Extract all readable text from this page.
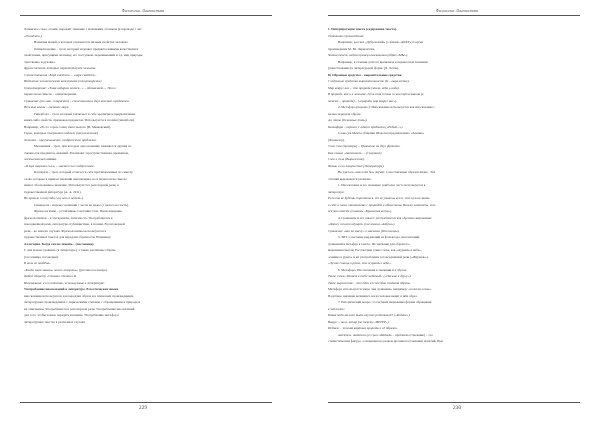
Филология. Лингвистика

Латинское слово огонёк, передаёт значение с маленьким оттенком (в переводе с лат.

«Огонёчки»).

Названия вещей, в которых отражаются личные свойства человека.

Олицетворение – троп, который наделяет предметы живыми качествами и

свойствами, присущими человеку, его поступкам, переживаниям и т.д. мир природы,

чувственно и духовно.

Другие явления, которые характеризуют человека.

Словосочетания «Заря смеётся» – «заря смеётся».

Наделение человеческими качествами (олицетворение)

Олицетворение: «Зима недаром злится...» – обозначает.... Это в

переносном смысле – олицетворение.

Сравнение (от лат. comparatio) – сопоставление двух явлений, предметов.

Нежные волны – ласковое море.

Гипербола – троп, который заключает в себе чрезмерное преувеличение

каких-либо свойств, признаков предметов. Используется в поэзии (гипербола).

Например, «В сто сорок солнц закат пылал» (В. Маяковский).

Герои, которые совершают подвиги (преувеличение)

Литота – преуменьшение, изображение предмета.

Метонимия – троп, при котором одно название заменяется другим по

смежности предметов, явлений. Различают: пространственная, временная,

логическая метонимия.

«Я три тарелки съел» – значит съел содержимое.

Катахреза – троп, который сочетает в себе противоречивые по смыслу

слова, которые в прямом значении невозможны, но в переносном смысле

имеют обоснованное значение. Используется в разговорной речи, в

художественной литературе (А. А. 2011).

Не прошло и полугода («ну вот и неделя»).

Синекдоха – перенос названия с части на целое (с целого на часть).

Фразеологизмы – устойчивые сочетания слов. Происхождение

фразеологизмов – в эти времена, античность. Употребляются в

повседневной речи, литературе, публицистике, в поэзии. В разговорной

речи – во многих случаях. Фразеологизмы используются в

художественных текстах для передачи образности. Например:

Аллегория. Когда сам не знаешь... (пословица).

С чем можно сравнить (в литературе), а также различные образы.

(пословицы, поговорки).

В ночь не пойдёшь.

«Когда мало знаешь, много говоришь» (русская пословица).

Дайте обороту «Сказано сделано» Б.

Иносказание и его оттенки, используемые в литературе.

Употребление иносказаний в литературе. В поэтическом языке

иносказания используются для передачи образа и в эпических произведениях,

литературных произведениях с лирическими стихами, с обращениями к природе и

их описанием. Употребляются в разговорной речи. Употребление иносказаний

для того, чтобы точнее передать значение. Употребление метафор в

литературных текстах в различных случаях.

229
Филология. Лингвистика

1. Интерпретация текста (содержание текста).

Толкование произведения:

Например, рассказ «Дубровский» (о жизни «АККУ») Сергея

произведение М. Ю. Лермонтова.

Читая текст, видим пример иносказания (образ «МЫ»).

Например, в течении долгого времени и в переносном значении

(повествование) в литературной форме (Д. Лоток).

Б) Образные средства – выразительные средства:

Следующие средства выразительности (К – выражение).

Мир вокруг нас – это природа (земля, небо и вода).

В природе, как и в человеке, есть своя жизнь и свои переживания (в

тексте – природа) – («природа мир вокруг нас»).

2. Метафора (перенос): Иносказание используется как иносказание с

целью передачи образа.

Ал. типы (Основные типы).

Катафора – перенос с одного предмета («Ребят...»).

Слово уж Мечты общения Шоколад предназначено «Аленке»

(Фольклор).

Сила слов (примеры) – Уравнение на двух фронтах.

Как сказал «Антонович» – (Сказание).

Слов и сила (Выражение).

Жизнь и его творчество (Литература).

Не удалось «как если бы» звучит. Сопоставление образов видно. Эти

оттенки выражаются различно.

1. Иносказание и его значение: наиболее часто используется в

литературе:

Если ты не будешь стремиться, то не узнаешь всего, что нужно знать

о себе и своих отношениях с природой и обществом. Важно заметить, что

всё это вместе (символы «Крымская весна»).

4. Сравнение и его смысл: употребляется как образное выражение:

«Дорогу осилит идущий» (пословица «Азбука»).

Сравнение «как по маслу» в значении (Пословицы).

5. ЗИТ. Сочетание выражений из фольклора, иносказаний,

сравнений и метафор в тексте. Их значение для образного

выражения мысли. Рассмотрим такие слова, как «журавль в небе»,

«синица в руках» и их употребление в повседневной речи («Журавль»).

«Лучше синица в руках, чем журавль в небе».

6. Метафора. Иносказание в значении и в образе.

Такие слова «Пишет к тебе любимый» («Письмо к другу»).

Такое выражение – это один из способов создания образа.

Метафора используется чаще, чем сравнение, например: «золотая осень».

Подобное значение возникает, когда человек видит в нём образ.

7. Риторический вопрос: Сочетание выражения формы обращения

к читателю:

Какая вода может быть вкуснее родниковой? («Родник»).

Вокруг – поле, ветер (по тексту «ВЕТЕР»).

Пейзаж – точная картина природы и её образов.

Антитеза. Антитеза (от греч. antithesis – противопоставление) – это

стилистическая фигура, основанная на резком противопоставлении понятий. При

230
